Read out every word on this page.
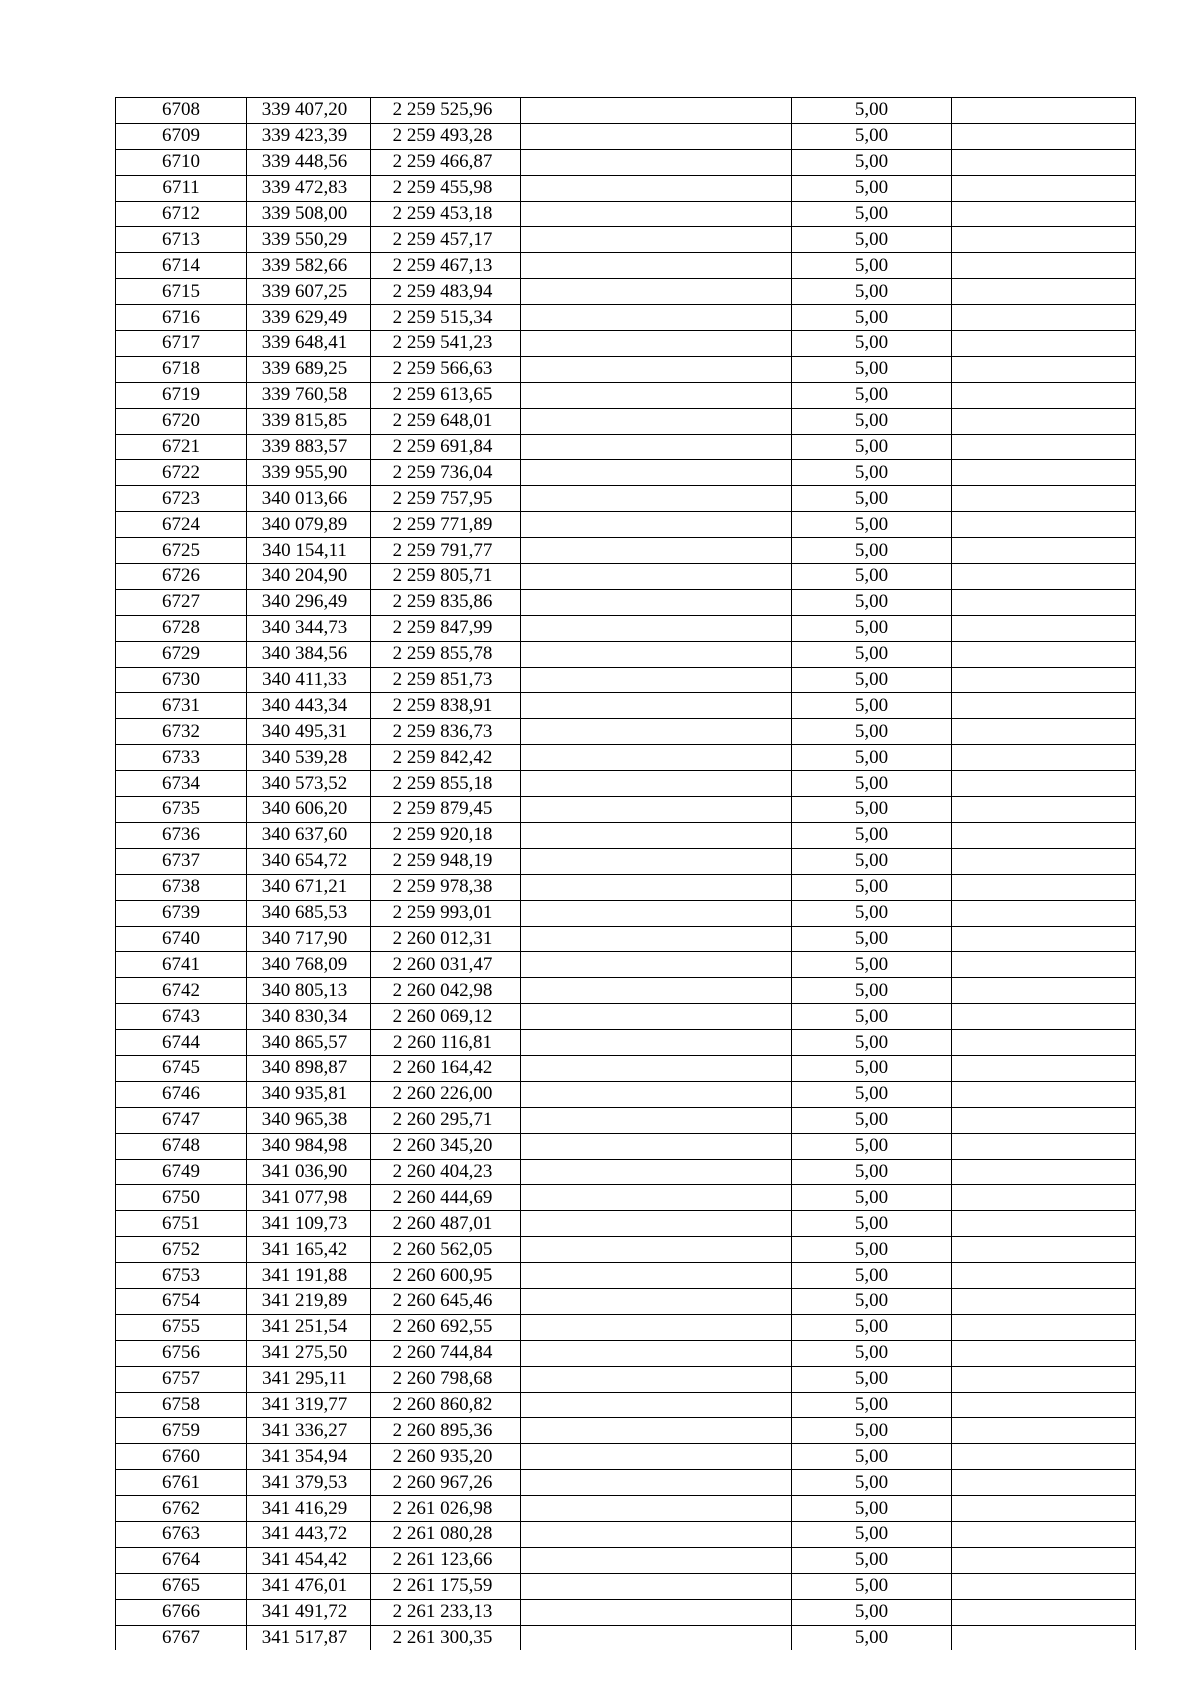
6708	339 407,20	2 259 525,96		5,00	
6709	339 423,39	2 259 493,28		5,00	
6710	339 448,56	2 259 466,87		5,00	
6711	339 472,83	2 259 455,98		5,00	
6712	339 508,00	2 259 453,18		5,00	
6713	339 550,29	2 259 457,17		5,00	
6714	339 582,66	2 259 467,13		5,00	
6715	339 607,25	2 259 483,94		5,00	
6716	339 629,49	2 259 515,34		5,00	
6717	339 648,41	2 259 541,23		5,00	
6718	339 689,25	2 259 566,63		5,00	
6719	339 760,58	2 259 613,65		5,00	
6720	339 815,85	2 259 648,01		5,00	
6721	339 883,57	2 259 691,84		5,00	
6722	339 955,90	2 259 736,04		5,00	
6723	340 013,66	2 259 757,95		5,00	
6724	340 079,89	2 259 771,89		5,00	
6725	340 154,11	2 259 791,77		5,00	
6726	340 204,90	2 259 805,71		5,00	
6727	340 296,49	2 259 835,86		5,00	
6728	340 344,73	2 259 847,99		5,00	
6729	340 384,56	2 259 855,78		5,00	
6730	340 411,33	2 259 851,73		5,00	
6731	340 443,34	2 259 838,91		5,00	
6732	340 495,31	2 259 836,73		5,00	
6733	340 539,28	2 259 842,42		5,00	
6734	340 573,52	2 259 855,18		5,00	
6735	340 606,20	2 259 879,45		5,00	
6736	340 637,60	2 259 920,18		5,00	
6737	340 654,72	2 259 948,19		5,00	
6738	340 671,21	2 259 978,38		5,00	
6739	340 685,53	2 259 993,01		5,00	
6740	340 717,90	2 260 012,31		5,00	
6741	340 768,09	2 260 031,47		5,00	
6742	340 805,13	2 260 042,98		5,00	
6743	340 830,34	2 260 069,12		5,00	
6744	340 865,57	2 260 116,81		5,00	
6745	340 898,87	2 260 164,42		5,00	
6746	340 935,81	2 260 226,00		5,00	
6747	340 965,38	2 260 295,71		5,00	
6748	340 984,98	2 260 345,20		5,00	
6749	341 036,90	2 260 404,23		5,00	
6750	341 077,98	2 260 444,69		5,00	
6751	341 109,73	2 260 487,01		5,00	
6752	341 165,42	2 260 562,05		5,00	
6753	341 191,88	2 260 600,95		5,00	
6754	341 219,89	2 260 645,46		5,00	
6755	341 251,54	2 260 692,55		5,00	
6756	341 275,50	2 260 744,84		5,00	
6757	341 295,11	2 260 798,68		5,00	
6758	341 319,77	2 260 860,82		5,00	
6759	341 336,27	2 260 895,36		5,00	
6760	341 354,94	2 260 935,20		5,00	
6761	341 379,53	2 260 967,26		5,00	
6762	341 416,29	2 261 026,98		5,00	
6763	341 443,72	2 261 080,28		5,00	
6764	341 454,42	2 261 123,66		5,00	
6765	341 476,01	2 261 175,59		5,00	
6766	341 491,72	2 261 233,13		5,00	
6767	341 517,87	2 261 300,35		5,00	
